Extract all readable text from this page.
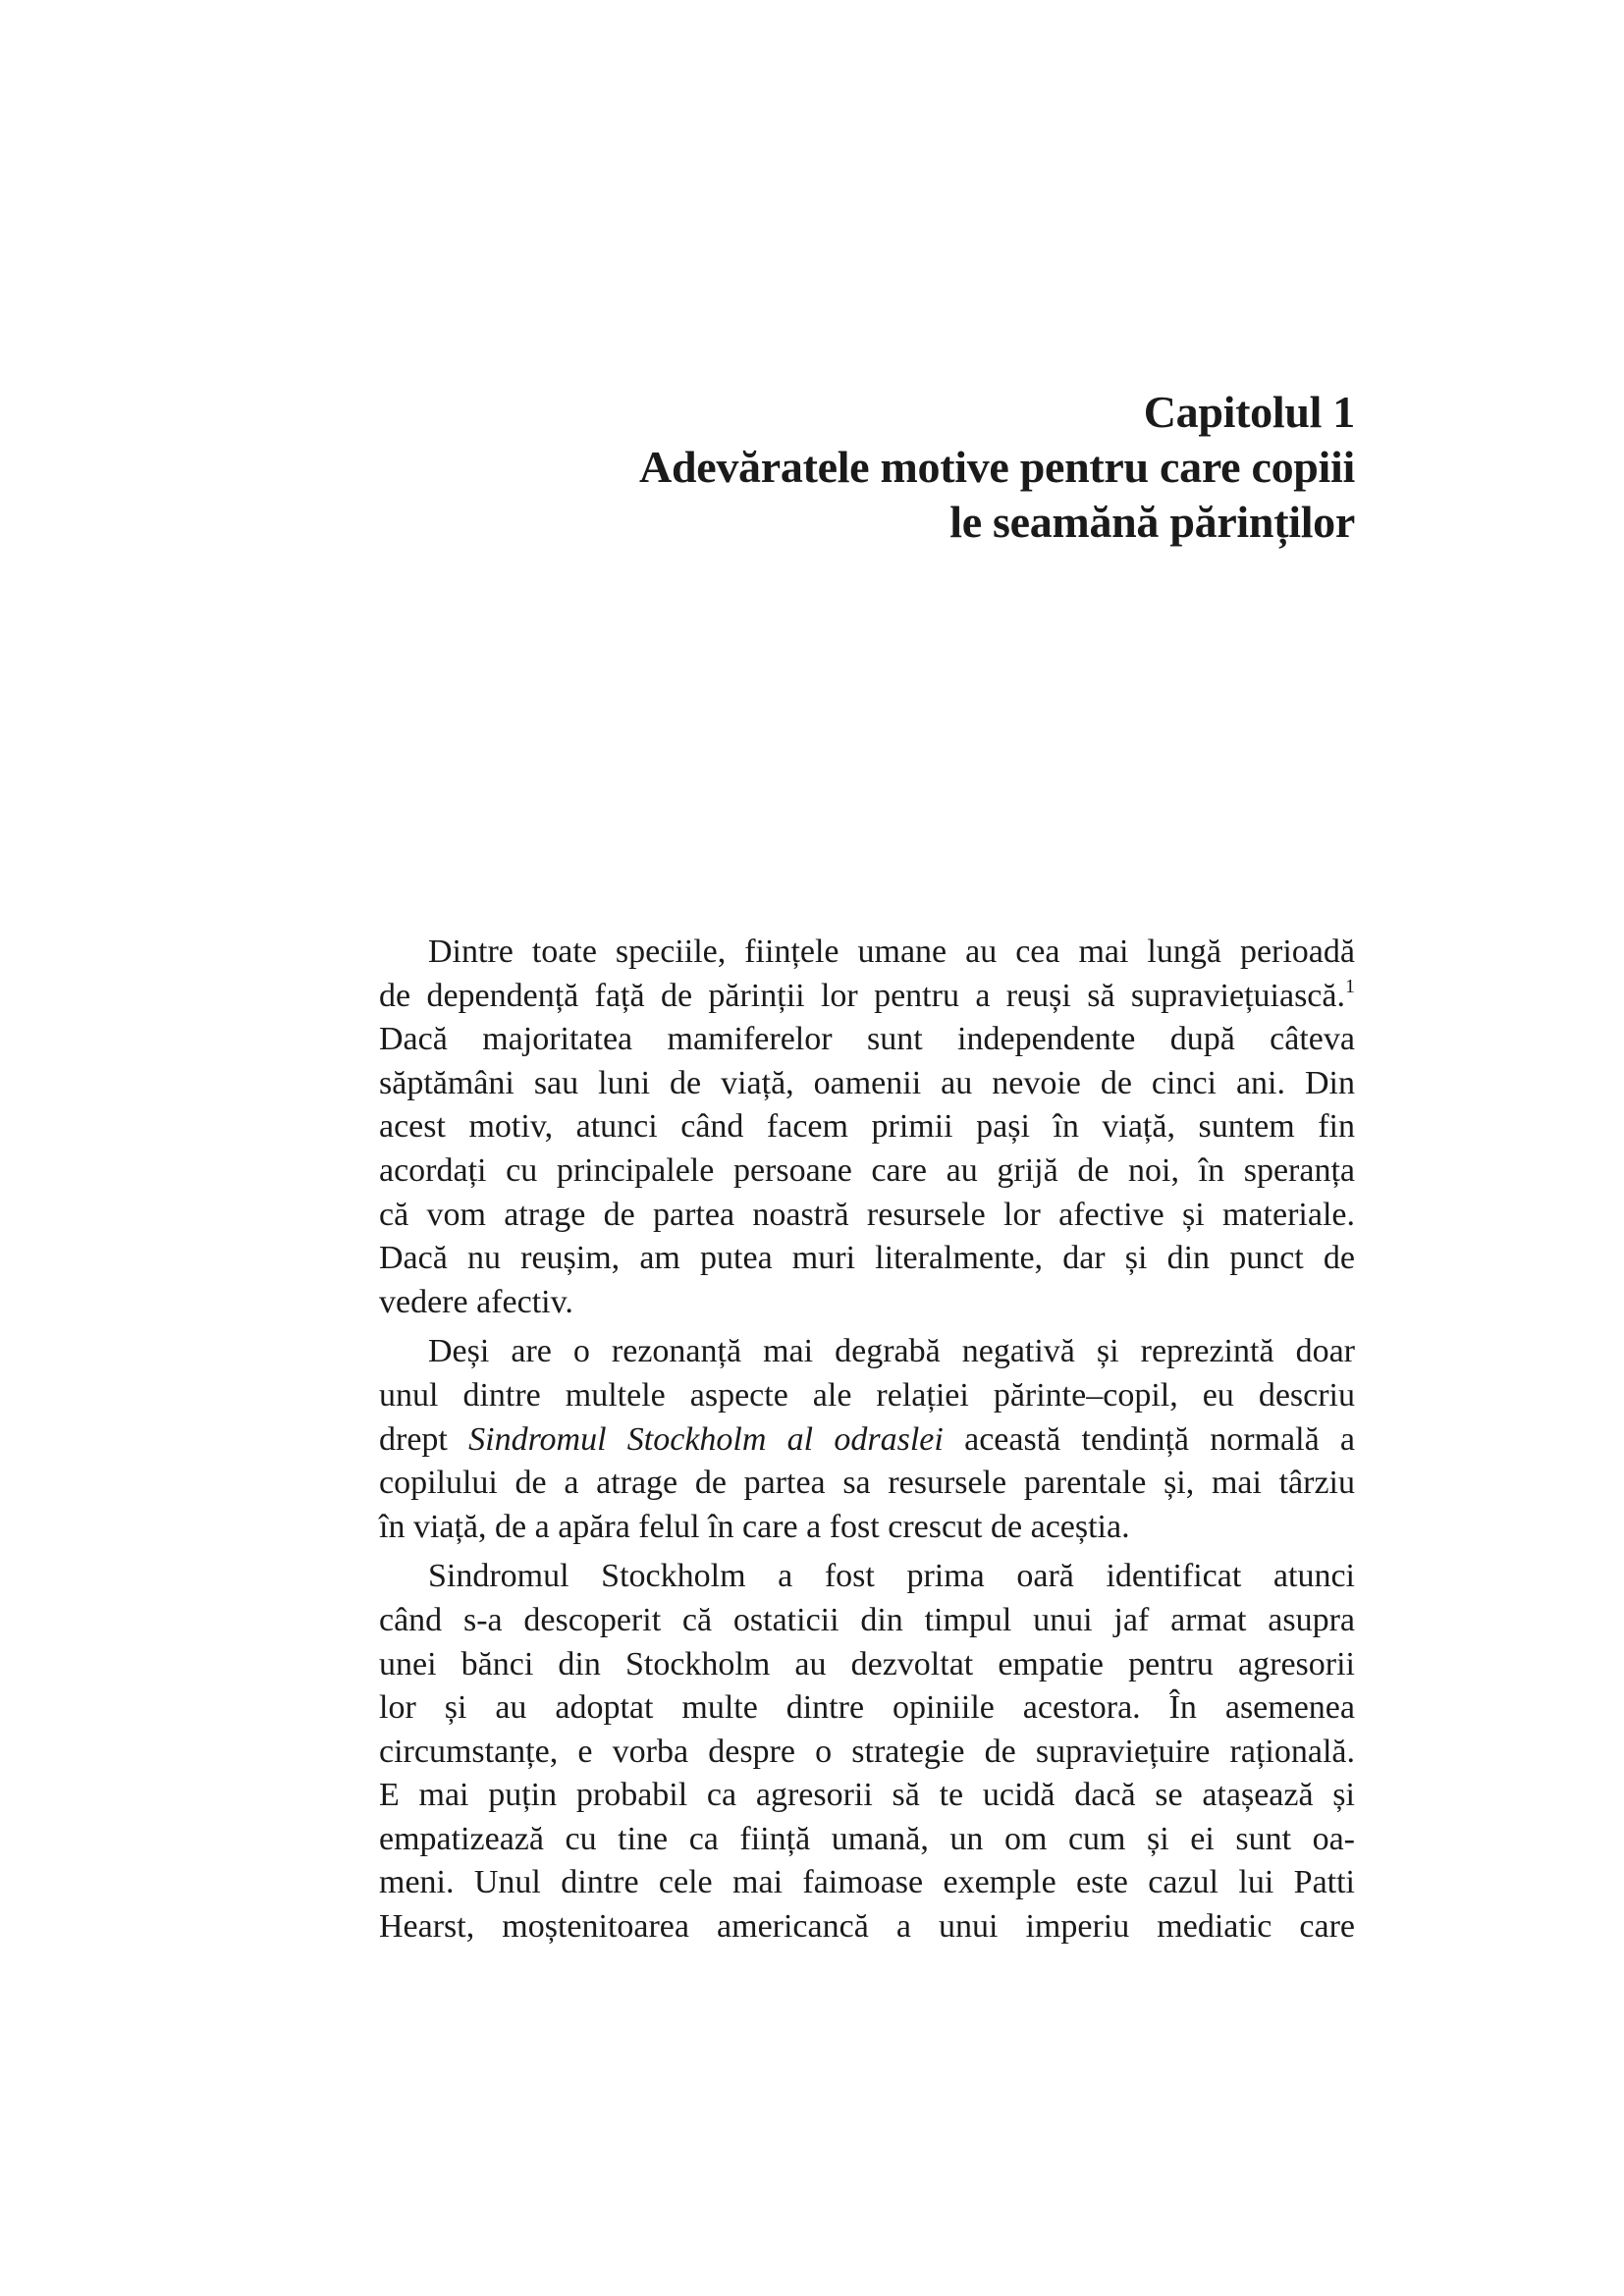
Capitolul 1
Adevăratele motive pentru care copiii
le seamănă părinților

Dintre toate speciile, ființele umane au cea mai lungă perioadă
de dependență față de părinții lor pentru a reuși să supraviețuiască.$^1$
Dacă majoritatea mamiferelor sunt independente după câteva
săptămâni sau luni de viață, oamenii au nevoie de cinci ani. Din
acest motiv, atunci când facem primii pași în viață, suntem fin
acordați cu principalele persoane care au grijă de noi, în speranța
că vom atrage de partea noastră resursele lor afective și materiale.
Dacă nu reușim, am putea muri literalmente, dar și din punct de
vedere afectiv.

Deși are o rezonanță mai degrabă negativă și reprezintă doar
unul dintre multele aspecte ale relației părinte–copil, eu descriu
drept Sindromul Stockholm al odraslei această tendință normală a
copilului de a atrage de partea sa resursele parentale și, mai târziu
în viață, de a apăra felul în care a fost crescut de aceștia.

Sindromul Stockholm a fost prima oară identificat atunci
când s-a descoperit că ostaticii din timpul unui jaf armat asupra
unei bănci din Stockholm au dezvoltat empatie pentru agresorii
lor și au adoptat multe dintre opiniile acestora. În asemenea
circumstanțe, e vorba despre o strategie de supraviețuire rațională.
E mai puțin probabil ca agresorii să te ucidă dacă se atașează și
empatizează cu tine ca ființă umană, un om cum și ei sunt oa-
meni. Unul dintre cele mai faimoase exemple este cazul lui Patti
Hearst, moștenitoarea americancă a unui imperiu mediatic care
